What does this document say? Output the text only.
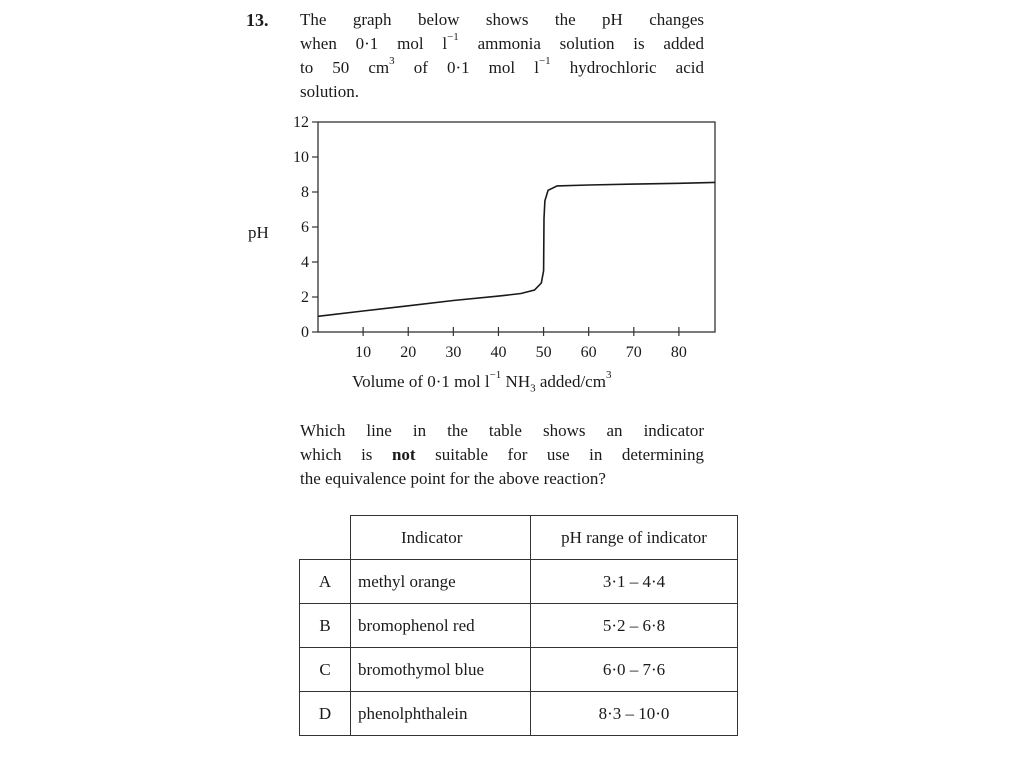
13. The graph below shows the pH changes
when 0·1 mol $l^{-1}$ ammonia solution is added
to 50 $cm^3$ of 0·1 mol $l^{-1}$ hydrochloric acid
solution.
pH
0
2
4
6
8
10
12
10 20 30 40 50 60 70 80
Volume of 0·1 mol $l^{-1}$ $NH_3$ added/$cm^3$
Which line in the table shows an indicator
which is not suitable for use in determining
the equivalence point for the above reaction?
	Indicator	pH range of indicator
A	methyl orange	3·1 – 4·4
B	bromophenol red	5·2 – 6·8
C	bromothymol blue	6·0 – 7·6
D	phenolphthalein	8·3 – 10·0
